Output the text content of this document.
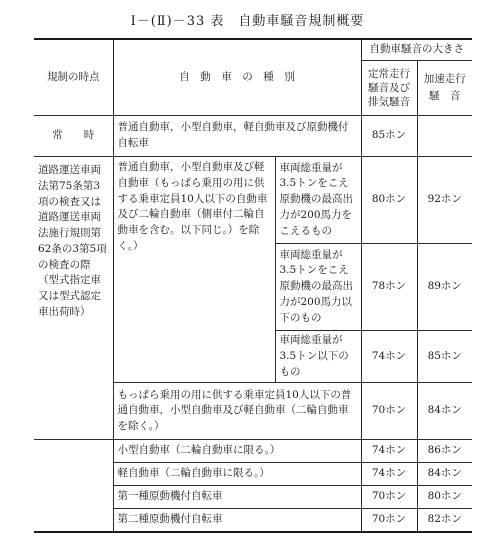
Ⅰ－(Ⅱ)－33 表　自動車騒音規制概要
規制の時点	自　動　車　の　種　別		自動車騒音の大きさ	
			定常走行騒音及び排気騒音	加速走行騒　音
常　　時	普通自動車，小型自動車，軽自動車及び原動機付自転車		85ホン	
道路運送車両法第75条第3項の検査又は道路運送車両法施行規則第62条の3第5項の検査の際（型式指定車又は型式認定車出荷時）	普通自動車，小型自動車及び軽自動車（もっぱら乗用の用に供する乗車定員10人以下の自動車及び二輪自動車（側車付二輪自動車を含む。以下同じ。）を除く。）	車両総重量が3.5トンをこえ原動機の最高出力が200馬力をこえるもの	80ホン	92ホン
		車両総重量が3.5トンをこえ原動機の最高出力が200馬力以下のもの	78ホン	89ホン
		車両総重量が3.5トン以下のもの	74ホン	85ホン
	もっぱら乗用の用に供する乗車定員10人以下の普通自動車，小型自動車及び軽自動車（二輪自動車を除く。）		70ホン	84ホン
	小型自動車（二輪自動車に限る。）		74ホン	86ホン
	軽自動車（二輪自動車に限る。）		74ホン	84ホン
	第一種原動機付自転車		70ホン	80ホン
	第二種原動機付自転車		70ホン	82ホン
